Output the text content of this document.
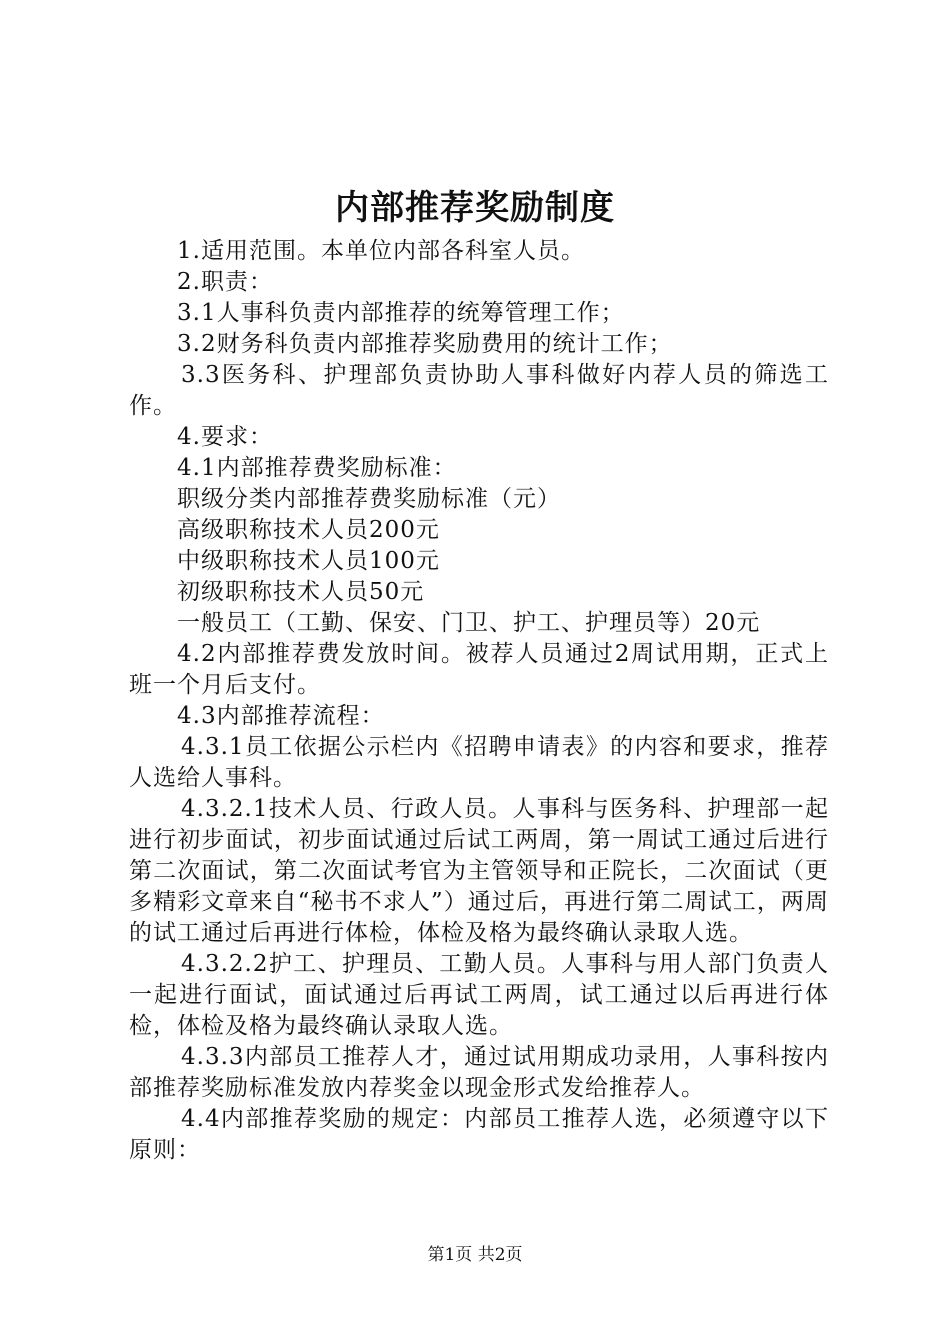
内部推荐奖励制度

1.适用范围。本单位内部各科室人员。

2.职责：

3.1人事科负责内部推荐的统筹管理工作；

3.2财务科负责内部推荐奖励费用的统计工作；

3.3医务科、护理部负责协助人事科做好内荐人员的筛选工作。

4.要求：

4.1内部推荐费奖励标准：

职级分类内部推荐费奖励标准（元）

高级职称技术人员200元

中级职称技术人员100元

初级职称技术人员50元

一般员工（工勤、保安、门卫、护工、护理员等）20元

4.2内部推荐费发放时间。被荐人员通过2周试用期，正式上班一个月后支付。

4.3内部推荐流程：

4.3.1员工依据公示栏内《招聘申请表》的内容和要求，推荐人选给人事科。

4.3.2.1技术人员、行政人员。人事科与医务科、护理部一起进行初步面试，初步面试通过后试工两周，第一周试工通过后进行第二次面试，第二次面试考官为主管领导和正院长，二次面试（更多精彩文章来自“秘书不求人”）通过后，再进行第二周试工，两周的试工通过后再进行体检，体检及格为最终确认录取人选。

4.3.2.2护工、护理员、工勤人员。人事科与用人部门负责人一起进行面试，面试通过后再试工两周，试工通过以后再进行体检，体检及格为最终确认录取人选。

4.3.3内部员工推荐人才，通过试用期成功录用，人事科按内部推荐奖励标准发放内荐奖金以现金形式发给推荐人。

4.4内部推荐奖励的规定：内部员工推荐人选，必须遵守以下原则：

第1页 共2页
